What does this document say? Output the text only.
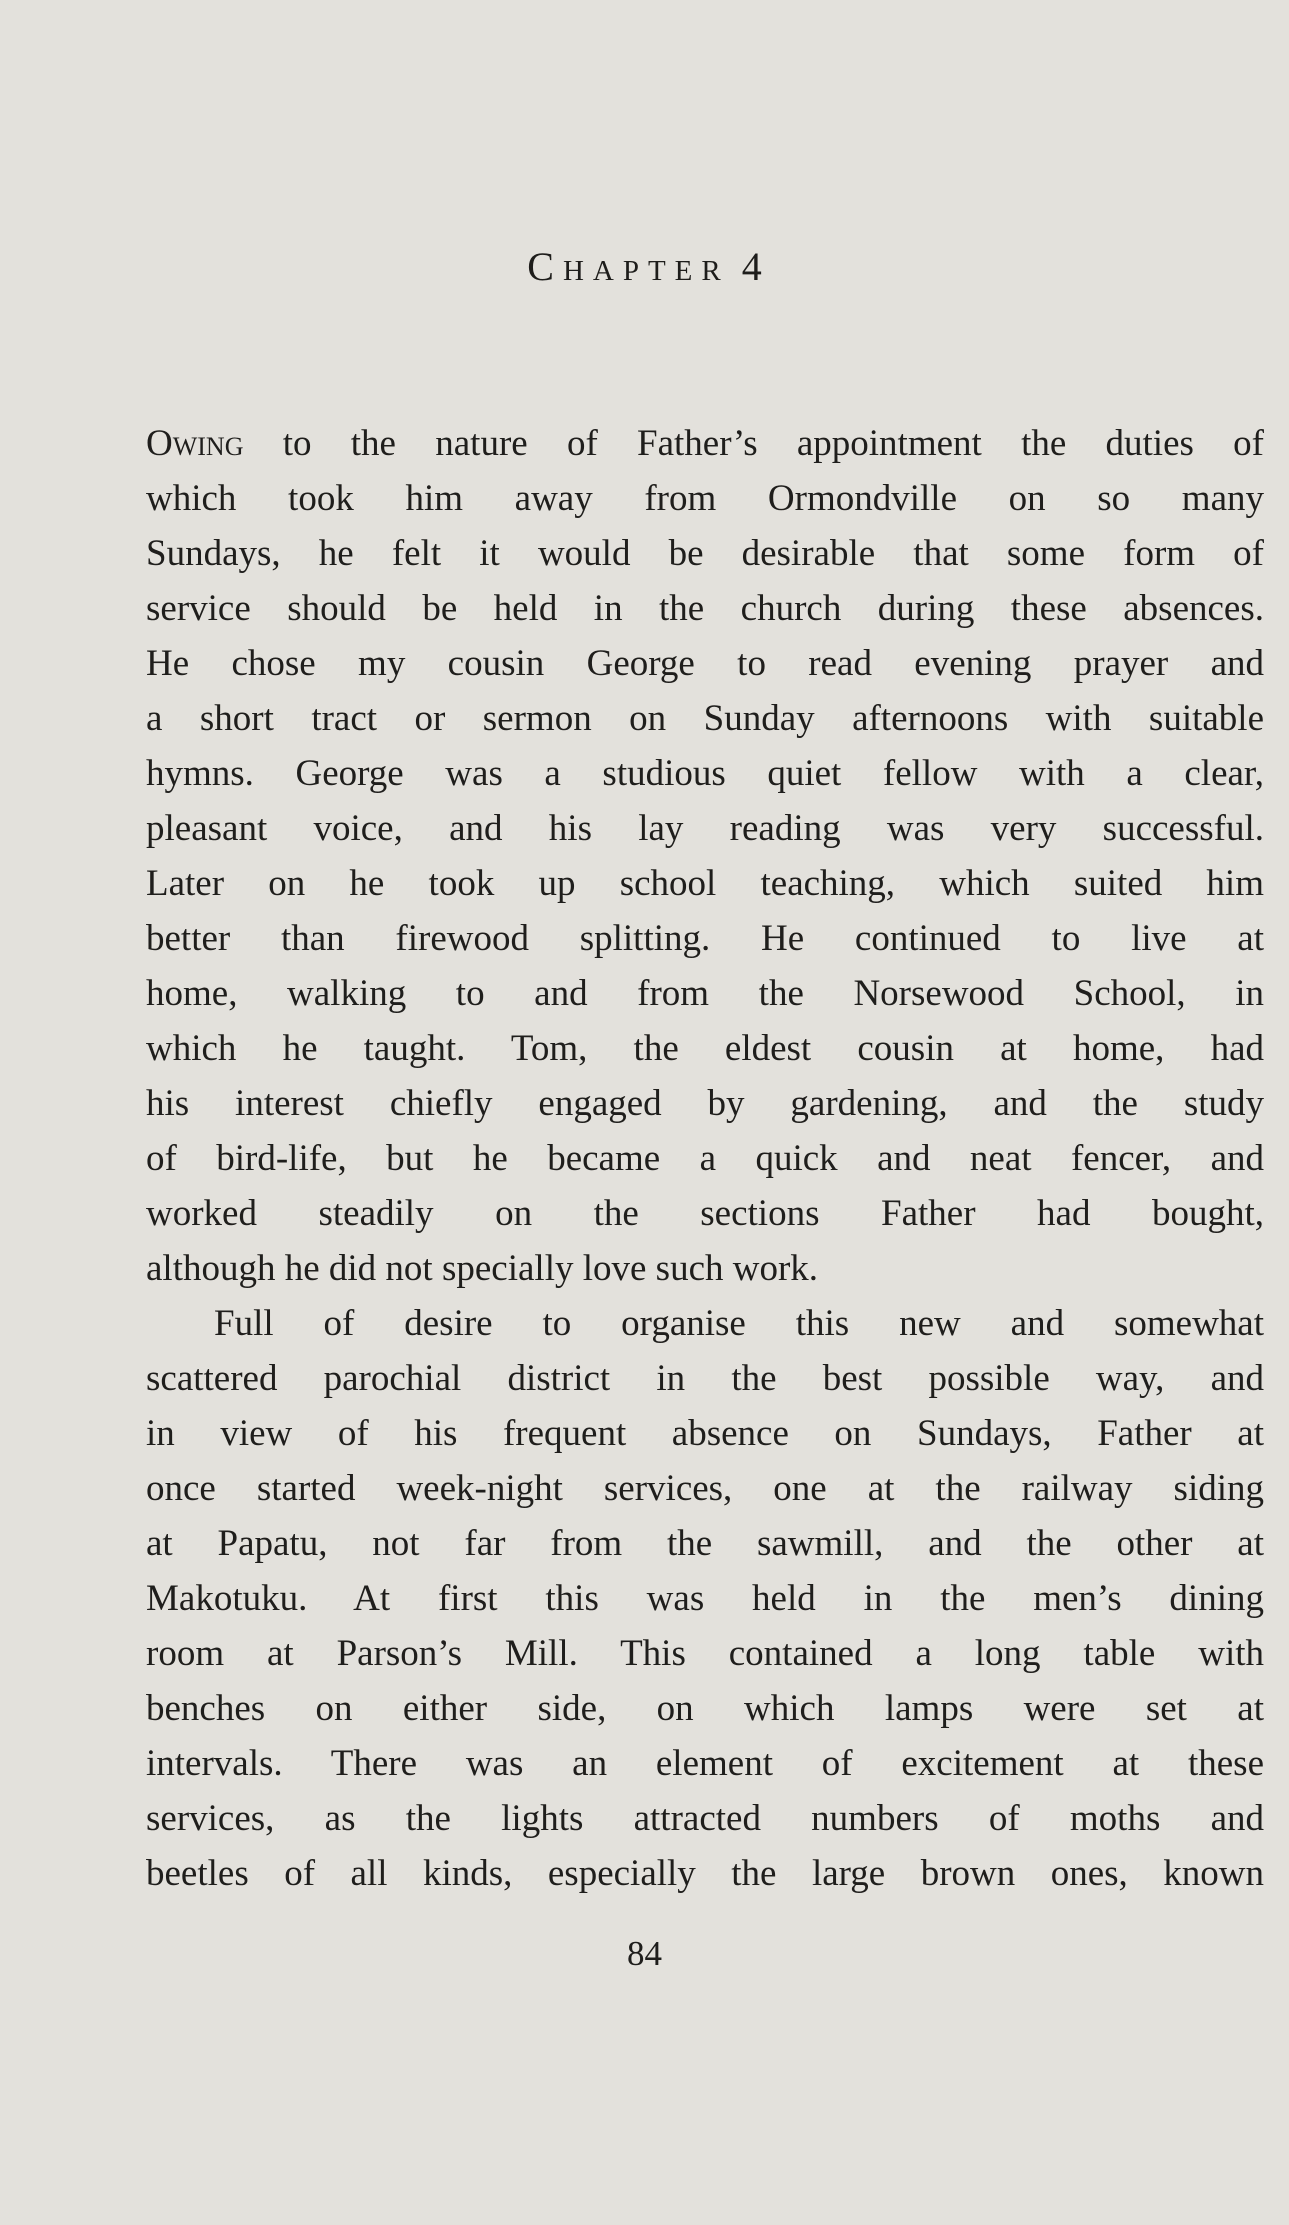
CHAPTER 4
Owing to the nature of Father’s appointment the duties of
which took him away from Ormondville on so many
Sundays, he felt it would be desirable that some form of
service should be held in the church during these absences.
He chose my cousin George to read evening prayer and
a short tract or sermon on Sunday afternoons with suitable
hymns. George was a studious quiet fellow with a clear,
pleasant voice, and his lay reading was very successful.
Later on he took up school teaching, which suited him
better than firewood splitting. He continued to live at
home, walking to and from the Norsewood School, in
which he taught. Tom, the eldest cousin at home, had
his interest chiefly engaged by gardening, and the study
of bird-life, but he became a quick and neat fencer, and
worked steadily on the sections Father had bought,
although he did not specially love such work.
Full of desire to organise this new and somewhat
scattered parochial district in the best possible way, and
in view of his frequent absence on Sundays, Father at
once started week-night services, one at the railway siding
at Papatu, not far from the sawmill, and the other at
Makotuku. At first this was held in the men’s dining
room at Parson’s Mill. This contained a long table with
benches on either side, on which lamps were set at
intervals. There was an element of excitement at these
services, as the lights attracted numbers of moths and
beetles of all kinds, especially the large brown ones, known
84
